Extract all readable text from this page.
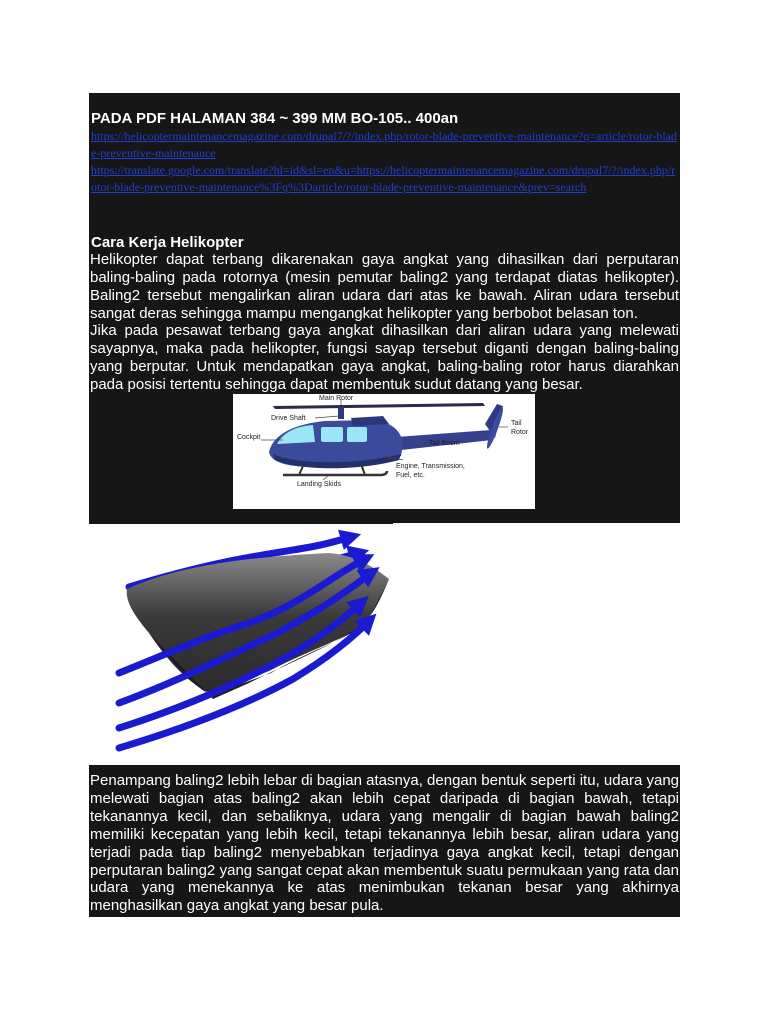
PADA PDF HALAMAN 384 ~ 399 MM BO-105.. 400an
https://helicoptermaintenancemagazine.com/drupal7/?/index.php/rotor-blade-preventive-maintenance?q=article/rotor-blade-preventive-maintenance
https://translate.google.com/translate?hl=id&sl=en&u=https://helicoptermaintenancemagazine.com/drupal7/?/index.php/rotor-blade-preventive-maintenance%3Fq%3Darticle/rotor-blade-preventive-maintenance&prev=search
Cara Kerja Helikopter

Helikopter dapat terbang dikarenakan gaya angkat yang dihasilkan dari perputaran baling-baling pada rotornya (mesin pemutar baling2 yang terdapat diatas helikopter). Baling2 tersebut mengalirkan aliran udara dari atas ke bawah. Aliran udara tersebut sangat deras sehingga mampu mengangkat helikopter yang berbobot belasan ton.

Jika pada pesawat terbang gaya angkat dihasilkan dari aliran udara yang melewati sayapnya, maka pada helikopter, fungsi sayap tersebut diganti dengan baling-baling yang berputar. Untuk mendapatkan gaya angkat, baling-baling rotor harus diarahkan pada posisi tertentu sehingga dapat membentuk sudut datang yang besar.

Main Rotor
Drive Shaft
Cockpit
Tail Boom
Tail
Rotor
Engine, Transmission,
Fuel, etc.
Landing Skids

Penampang baling2 lebih lebar di bagian atasnya, dengan bentuk seperti itu, udara yang melewati bagian atas baling2 akan lebih cepat daripada di bagian bawah, tetapi tekanannya kecil, dan sebaliknya, udara yang mengalir di bagian bawah baling2 memiliki kecepatan yang lebih kecil, tetapi tekanannya lebih besar, aliran udara yang terjadi pada tiap baling2 menyebabkan terjadinya gaya angkat kecil, tetapi dengan perputaran baling2 yang sangat cepat akan membentuk suatu permukaan yang rata dan udara yang menekannya ke atas menimbukan tekanan besar yang akhirnya menghasilkan gaya angkat yang besar pula.
